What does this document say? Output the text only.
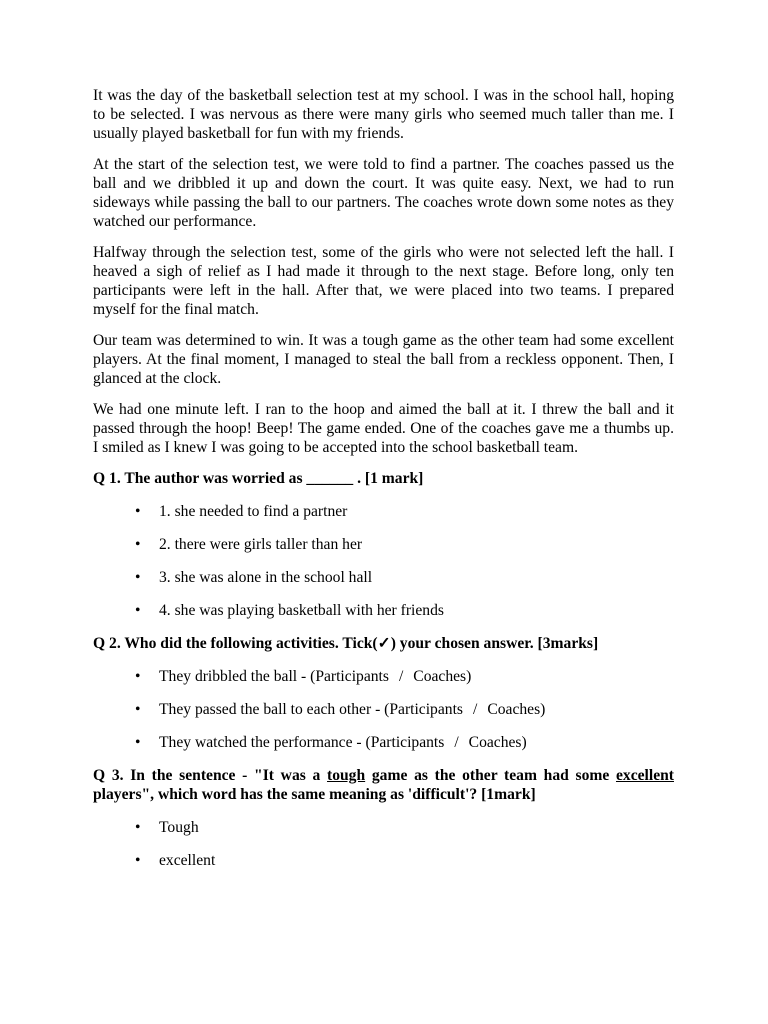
It was the day of the basketball selection test at my school. I was in the school hall, hoping to be selected. I was nervous as there were many girls who seemed much taller than me. I usually played basketball for fun with my friends.

At the start of the selection test, we were told to find a partner. The coaches passed us the ball and we dribbled it up and down the court. It was quite easy. Next, we had to run sideways while passing the ball to our partners. The coaches wrote down some notes as they watched our performance.

Halfway through the selection test, some of the girls who were not selected left the hall. I heaved a sigh of relief as I had made it through to the next stage. Before long, only ten participants were left in the hall. After that, we were placed into two teams. I prepared myself for the final match.

Our team was determined to win. It was a tough game as the other team had some excellent players. At the final moment, I managed to steal the ball from a reckless opponent. Then, I glanced at the clock.

We had one minute left. I ran to the hoop and aimed the ball at it. I threw the ball and it passed through the hoop! Beep! The game ended. One of the coaches gave me a thumbs up. I smiled as I knew I was going to be accepted into the school basketball team.

Q 1. The author was worried as ______ . [1 mark]

• 1. she needed to find a partner
• 2. there were girls taller than her
• 3. she was alone in the school hall
• 4. she was playing basketball with her friends

Q 2. Who did the following activities. Tick(✓) your chosen answer. [3marks]

• They dribbled the ball - (Participants / Coaches)
• They passed the ball to each other - (Participants / Coaches)
• They watched the performance - (Participants / Coaches)

Q 3. In the sentence - "It was a tough game as the other team had some excellent players", which word has the same meaning as 'difficult'? [1mark]

• Tough
• excellent
